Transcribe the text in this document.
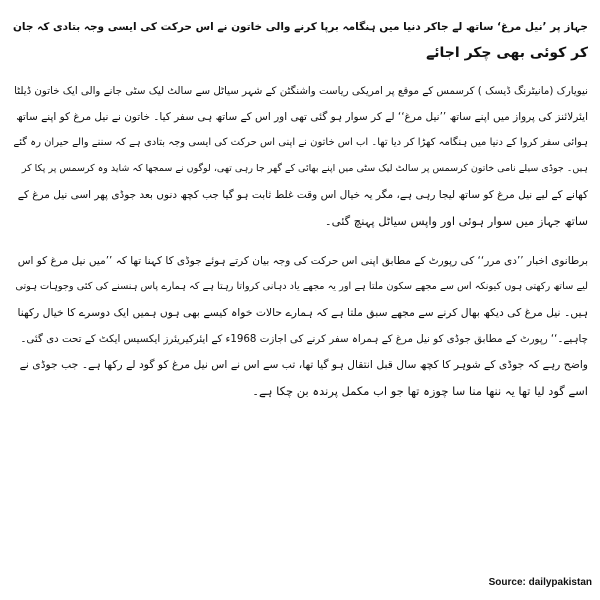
جہاز پر ’نیل مرغ‘ ساتھ لے جاکر دنیا میں ہنگامہ برپا کرنے والی خاتون نے اس حرکت کی ایسی وجہ بتادی کہ جان
کر کوئی بھی چکر اجائے

نیویارک (مانیٹرنگ ڈیسک ) کرسمس کے موقع پر امریکی ریاست واشنگٹن کے شہر سیاٹل سے سالٹ لیک سٹی جانے والی ایک خاتون ڈیلٹا
ایئرلائنز کی پرواز میں اپنے ساتھ ’’نیل مرغ‘‘ لے کر سوار ہو گئی تھی اور اس کے ساتھ ہی سفر کیا۔ خاتون نے نیل مرغ کو اپنے ساتھ
ہوائی سفر کروا کے دنیا میں ہنگامہ کھڑا کر دیا تھا۔ اب اس خاتون نے اپنی اس حرکت کی ایسی وجہ بتادی ہے کہ سننے والے حیران رہ گئے
ہیں۔ جوڈی سیلے نامی خاتون کرسمس پر سالٹ لیک سٹی میں اپنے بھائی کے گھر جا رہی تھی، لوگوں نے سمجھا کہ شاید وہ کرسمس پر پکا کر
کھانے کے لیے نیل مرغ کو ساتھ لیجا رہی ہے، مگر یہ خیال اس وقت غلط ثابت ہو گیا جب کچھ دنوں بعد جوڈی پھر اسی نیل مرغ کے
ساتھ جہاز میں سوار ہوئی اور واپس سیاٹل پہنچ گئی۔

برطانوی اخبار ’’دی مرر‘‘ کی رپورٹ کے مطابق اپنی اس حرکت کی وجہ بیان کرتے ہوئے جوڈی کا کہنا تھا کہ ’’میں نیل مرغ کو اس
لیے ساتھ رکھتی ہوں کیونکہ اس سے مجھے سکون ملتا ہے اور یہ مجھے یاد دہانی کرواتا رہتا ہے کہ ہمارے پاس ہنسنے کی کئی وجوہات ہوتی
ہیں۔ نیل مرغ کی دیکھ بھال کرنے سے مجھے سبق ملتا ہے کہ ہمارے حالات خواہ کیسے بھی ہوں ہمیں ایک دوسرے کا خیال رکھنا
چاہیے۔‘‘ رپورٹ کے مطابق جوڈی کو نیل مرغ کے ہمراہ سفر کرنے کی اجازت 1968ء کے ایئرکیریئرز ایکسیس ایکٹ کے تحت دی گئی۔
واضح رہے کہ جوڈی کے شوہر کا کچھ سال قبل انتقال ہو گیا تھا، تب سے اس نے اس نیل مرغ کو گود لے رکھا ہے۔ جب جوڈی نے
اسے گود لیا تھا یہ ننھا منا سا چوزہ تھا جو اب مکمل پرندہ بن چکا ہے۔

Source: dailypakistan
